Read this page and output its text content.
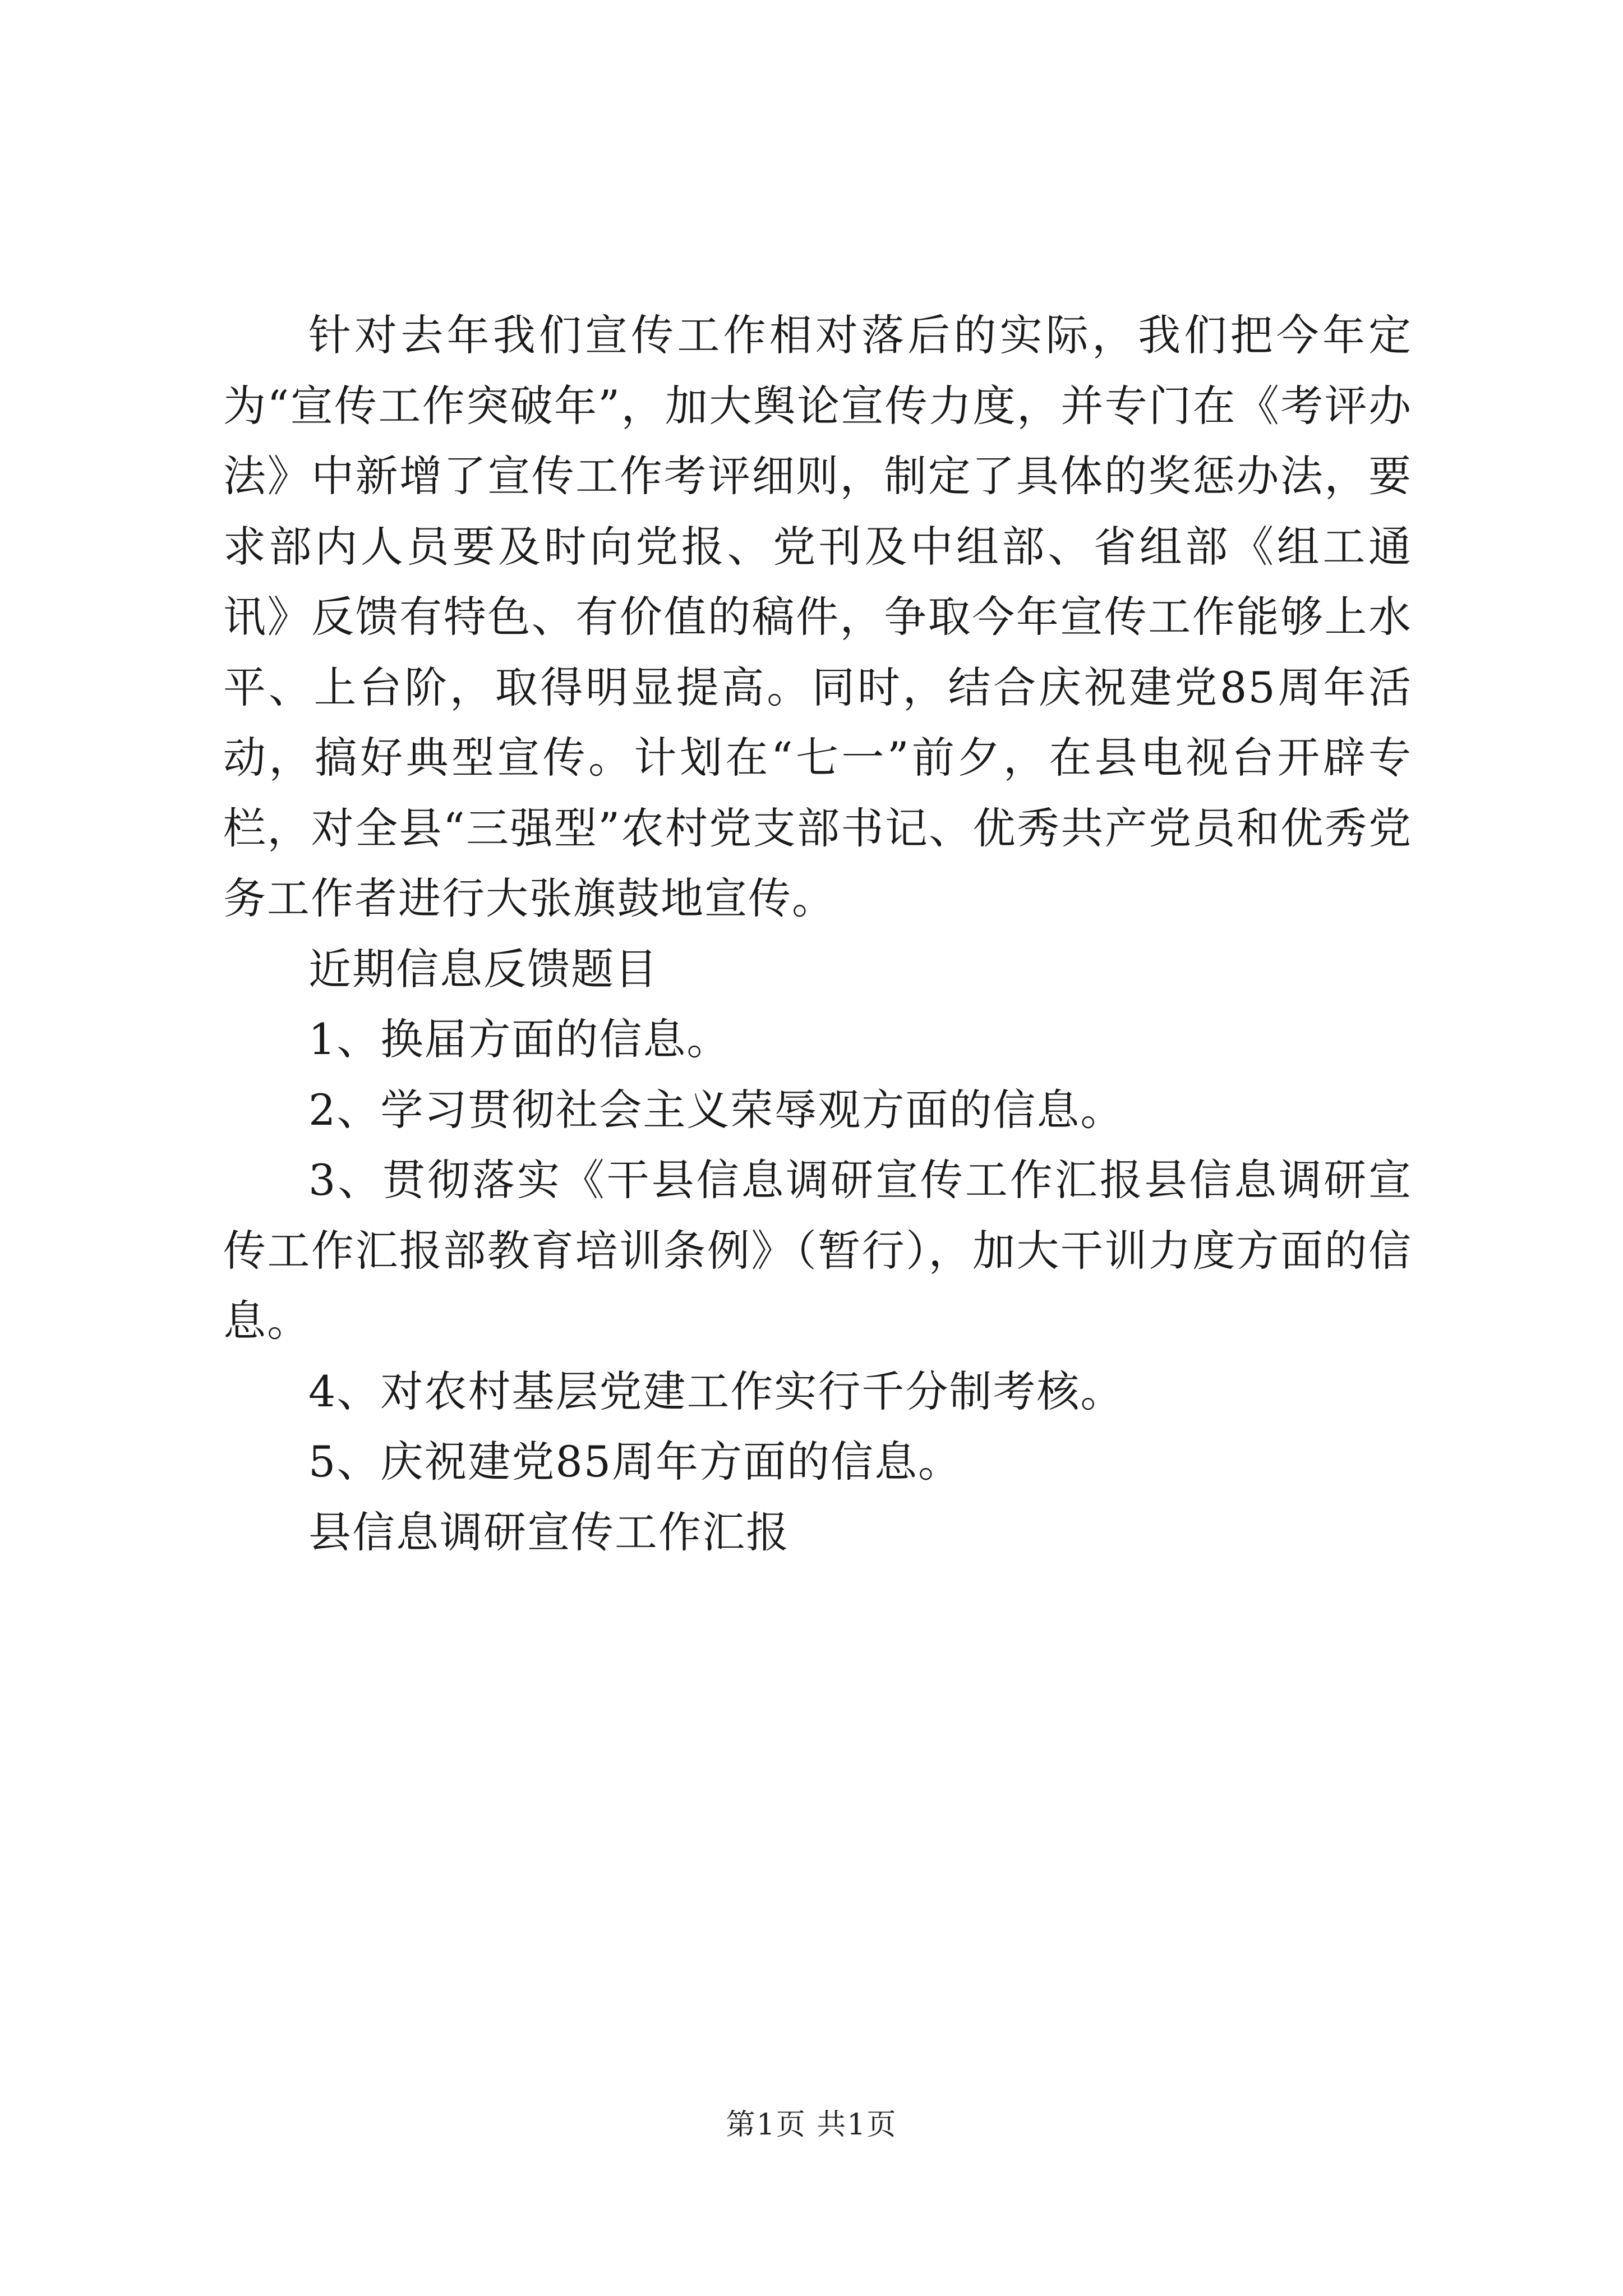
针对去年我们宣传工作相对落后的实际，我们把今年定为“宣传工作突破年”，加大舆论宣传力度，并专门在《考评办法》中新增了宣传工作考评细则，制定了具体的奖惩办法，要求部内人员要及时向党报、党刊及中组部、省组部《组工通讯》反馈有特色、有价值的稿件，争取今年宣传工作能够上水平、上台阶，取得明显提高。同时，结合庆祝建党85周年活动，搞好典型宣传。计划在“七一”前夕，在县电视台开辟专栏，对全县“三强型”农村党支部书记、优秀共产党员和优秀党务工作者进行大张旗鼓地宣传。

近期信息反馈题目

1、换届方面的信息。

2、学习贯彻社会主义荣辱观方面的信息。

3、贯彻落实《干县信息调研宣传工作汇报县信息调研宣传工作汇报部教育培训条例》（暂行），加大干训力度方面的信息。

4、对农村基层党建工作实行千分制考核。

5、庆祝建党85周年方面的信息。

县信息调研宣传工作汇报

第1页 共1页
